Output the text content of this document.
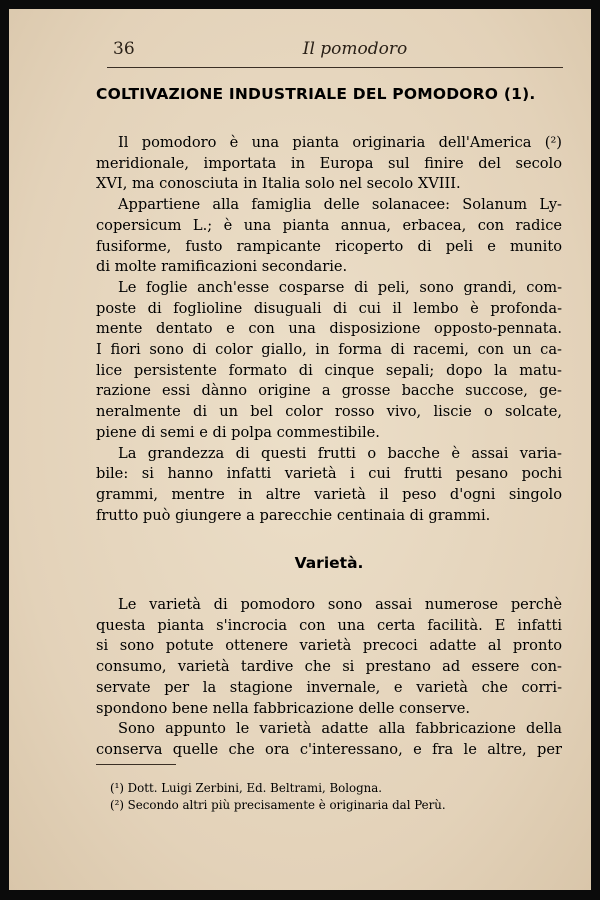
36	Il pomodoro
COLTIVAZIONE INDUSTRIALE DEL POMODORO (1).
Il pomodoro è una pianta originaria dell'America (²)
meridionale, importata in Europa sul finire del secolo
XVI, ma conosciuta in Italia solo nel secolo XVIII.
Appartiene alla famiglia delle solanacee: Solanum Ly-
copersicum L.; è una pianta annua, erbacea, con radice
fusiforme, fusto rampicante ricoperto di peli e munito
di molte ramificazioni secondarie.
Le foglie anch'esse cosparse di peli, sono grandi, com-
poste di foglioline disuguali di cui il lembo è profonda-
mente dentato e con una disposizione opposto-pennata.
I fiori sono di color giallo, in forma di racemi, con un ca-
lice persistente formato di cinque sepali; dopo la matu-
razione essi dànno origine a grosse bacche succose, ge-
neralmente di un bel color rosso vivo, liscie o solcate,
piene di semi e di polpa commestibile.
La grandezza di questi frutti o bacche è assai varia-
bile: si hanno infatti varietà i cui frutti pesano pochi
grammi, mentre in altre varietà il peso d'ogni singolo
frutto può giungere a parecchie centinaia di grammi.
Varietà.
Le varietà di pomodoro sono assai numerose perchè
questa pianta s'incrocia con una certa facilità. E infatti
si sono potute ottenere varietà precoci adatte al pronto
consumo, varietà tardive che si prestano ad essere con-
servate per la stagione invernale, e varietà che corri-
spondono bene nella fabbricazione delle conserve.
Sono appunto le varietà adatte alla fabbricazione della
conserva quelle che ora c'interessano, e fra le altre, per
(¹) Dott. Luigi Zerbini, Ed. Beltrami, Bologna.
(²) Secondo altri più precisamente è originaria dal Perù.
